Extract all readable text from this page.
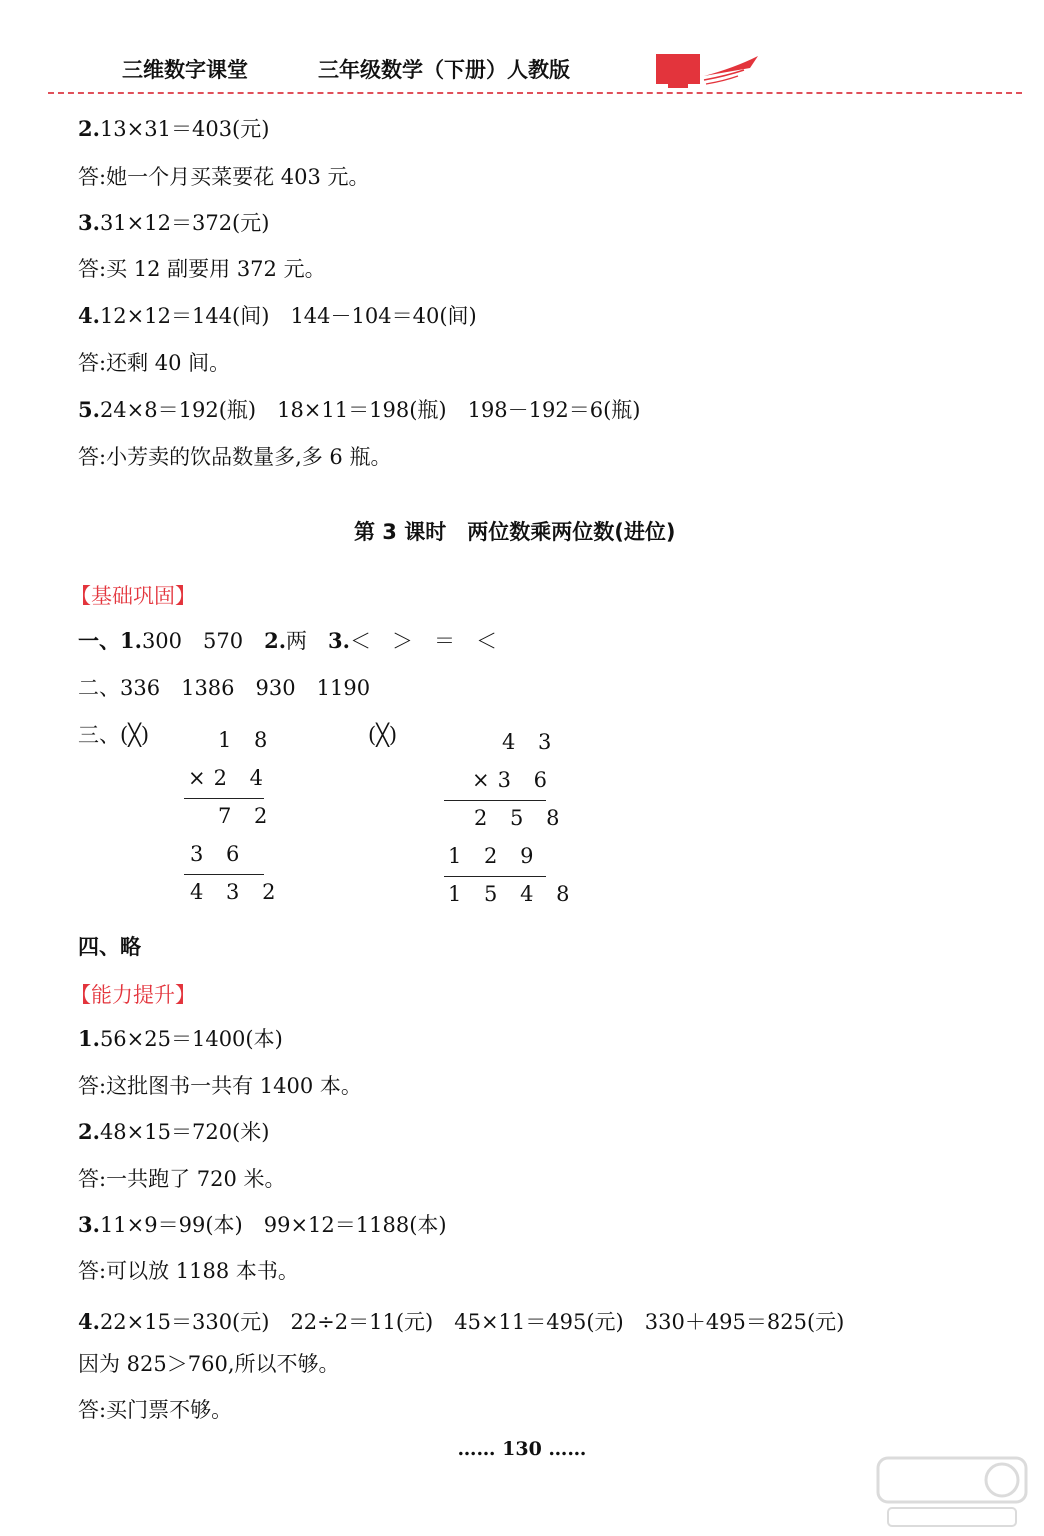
三维数字课堂	三年级数学（下册）人教版
2.13×31＝403(元)
答:她一个月买菜要花 403 元。
3.31×12＝372(元)
答:买 12 副要用 372 元。
4.12×12＝144(间)　144－104＝40(间)
答:还剩 40 间。
5.24×8＝192(瓶)　18×11＝198(瓶)　198－192＝6(瓶)
答:小芳卖的饮品数量多,多 6 瓶。
第 3 课时　两位数乘两位数(进位)
【基础巩固】
一、1.300　570　2.两　3.＜　＞　＝　＜
二、336　1386　930　1190
三、(╳)	(╳)
1 8
×2 4
7 2
3 6
4 3 2
4 3
×3 6
2 5 8
1 2 9
1 5 4 8
四、略
【能力提升】
1.56×25＝1400(本)
答:这批图书一共有 1400 本。
2.48×15＝720(米)
答:一共跑了 720 米。
3.11×9＝99(本)　99×12＝1188(本)
答:可以放 1188 本书。
4.22×15＝330(元)　22÷2＝11(元)　45×11＝495(元)　330＋495＝825(元)
因为 825＞760,所以不够。
答:买门票不够。
…… 130 ……
